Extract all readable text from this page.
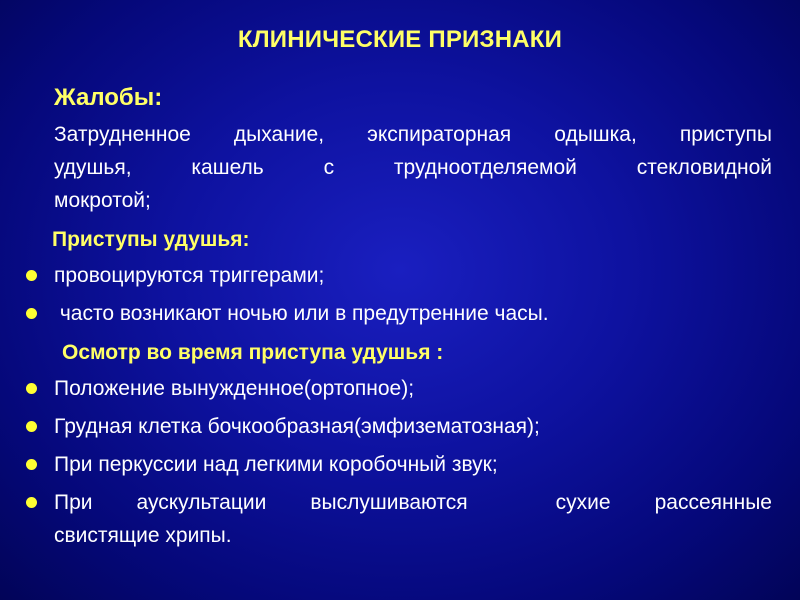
КЛИНИЧЕСКИЕ ПРИЗНАКИ
Жалобы:
Затрудненное дыхание, экспираторная одышка, приступы
удушья, кашель с трудноотделяемой стекловидной
мокротой;
Приступы удушья:
провоцируются триггерами;
часто возникают ночью или в предутренние часы.
Осмотр во время приступа удушья :
Положение вынужденное(ортопное);
Грудная клетка бочкообразная(эмфизематозная);
При перкуссии над легкими коробочный звук;
При аускультации выслушиваются  сухие рассеянные
свистящие хрипы.
